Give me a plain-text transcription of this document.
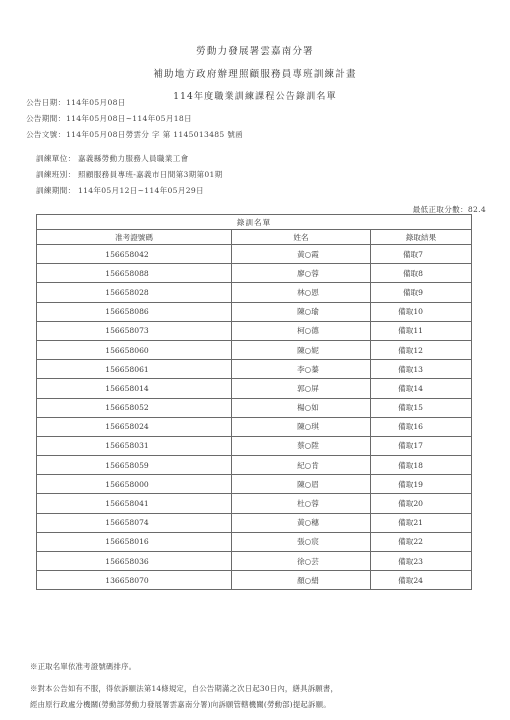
勞動力發展署雲嘉南分署
補助地方政府辦理照顧服務員專班訓練計畫
114年度職業訓練課程公告錄訓名單
公告日期：114年05月08日
公告期間：114年05月08日~114年05月18日
公告文號：114年05月08日勞雲分 字 第 1145013485 號函
訓練單位： 嘉義縣勞動力服務人員職業工會
訓練班別： 照顧服務員專班-嘉義市日間第3期第01期
訓練期間： 114年05月12日~114年05月29日
最低正取分數：82.4
錄訓名單		
准考證號碼	姓名	錄取結果
156658042	黃○霞	備取7
156658088	廖○蓉	備取8
156658028	林○恩	備取9
156658086	陳○瑜	備取10
156658073	柯○德	備取11
156658060	陳○妮	備取12
156658061	李○蓁	備取13
156658014	郭○屏	備取14
156658052	楊○如	備取15
156658024	陳○琪	備取16
156658031	蔡○陞	備取17
156658059	紀○肯	備取18
156658000	陳○眉	備取19
156658041	杜○蓉	備取20
156658074	黃○穗	備取21
156658016	張○宸	備取22
156658036	徐○芸	備取23
136658070	顏○絹	備取24
※正取名單依准考證號碼排序。
※對本公告如有不服，得依訴願法第14條規定，自公告期滿之次日起30日內，繕具訴願書，
經由原行政處分機關(勞動部勞動力發展署雲嘉南分署)向訴願管轄機關(勞動部)提起訴願。
